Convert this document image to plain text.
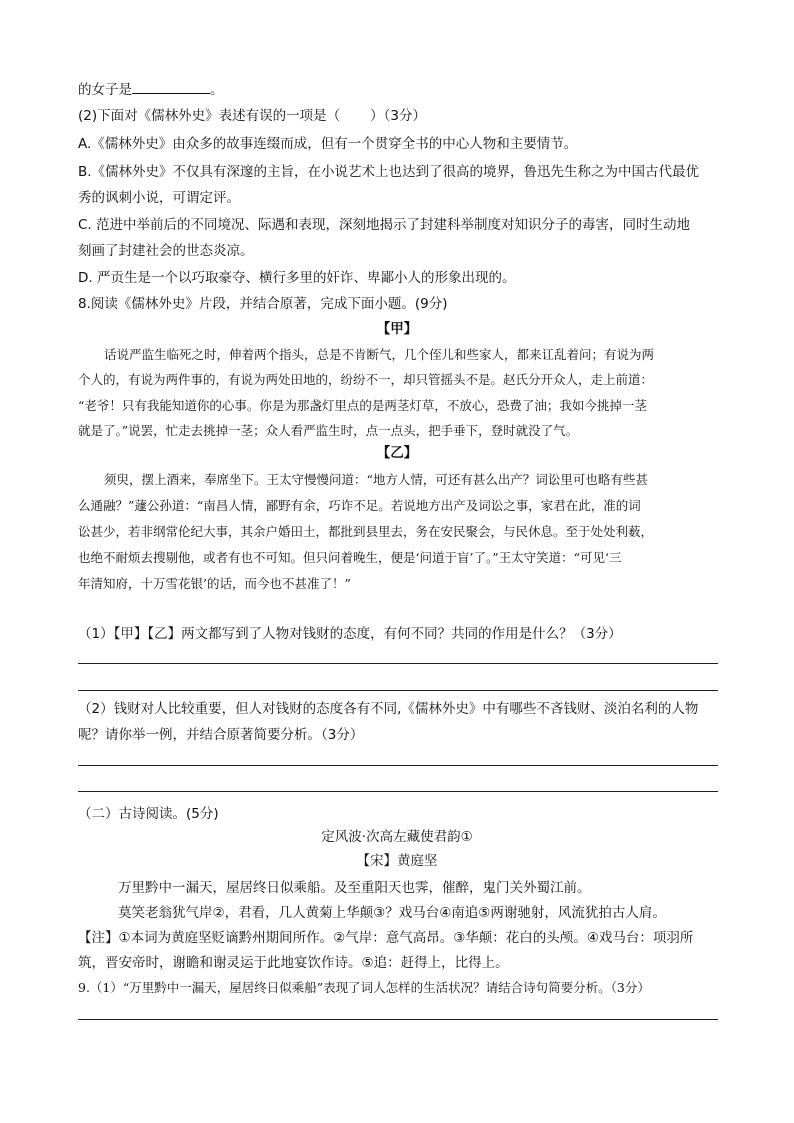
的女子是	。
(2)下面对《儒林外史》表述有误的一项是（ ）（3分）
A.《儒林外史》由众多的故事连缀而成，但有一个贯穿全书的中心人物和主要情节。
B.《儒林外史》不仅具有深邃的主旨，在小说艺术上也达到了很高的境界，鲁迅先生称之为中国古代最优
秀的讽刺小说，可谓定评。
C. 范进中举前后的不同境况、际遇和表现，深刻地揭示了封建科举制度对知识分子的毒害，同时生动地
刻画了封建社会的世态炎凉。
D. 严贡生是一个以巧取豪夺、横行多里的奸诈、卑鄙小人的形象出现的。
8.阅读《儒林外史》片段，并结合原著，完成下面小题。(9分)
【甲】
话说严监生临死之时，伸着两个指头，总是不肯断气，几个侄儿和些家人，都来讧乱着问；有说为两
个人的，有说为两件事的，有说为两处田地的，纷纷不一，却只管摇头不是。赵氏分开众人，走上前道：
“老爷！只有我能知道你的心事。你是为那盏灯里点的是两茎灯草，不放心，恐费了油；我如今挑掉一茎
就是了。”说罢，忙走去挑掉一茎；众人看严监生时，点一点头，把手垂下，登时就没了气。
【乙】
须臾，摆上酒来，奉席坐下。王太守慢慢问道：“地方人情，可还有甚么出产？词讼里可也略有些甚
么通融？”蘧公孙道：“南昌人情，鄙野有余，巧诈不足。若说地方出产及词讼之事，家君在此，准的词
讼甚少，若非纲常伦纪大事，其余户婚田土，都批到县里去，务在安民聚会，与民休息。至于处处利薮，
也绝不耐烦去搜剔他，或者有也不可知。但只问着晚生，便是‘问道于盲’了。”王太守笑道：“可见‘三
年清知府，十万雪花银’的话，而今也不甚准了！”
（1）【甲】【乙】两文都写到了人物对钱财的态度，有何不同？共同的作用是什么？（3分）
（2）钱财对人比较重要，但人对钱财的态度各有不同,《儒林外史》中有哪些不吝钱财、淡泊名利的人物
呢？请你举一例，并结合原著简要分析。（3分）
（二）古诗阅读。(5分)
定风波·次高左藏使君韵①
【宋】黄庭坚
万里黔中一漏天，屋居终日似乘船。及至重阳天也霁，催醉，鬼门关外蜀江前。
莫笑老翁犹气岸②，君看，几人黄菊上华颠③？戏马台④南追⑤两谢驰射，风流犹拍古人肩。
【注】①本词为黄庭坚贬谪黔州期间所作。②气岸：意气高昂。③华颠：花白的头颅。④戏马台：项羽所
筑，晋安帝时，谢瞻和谢灵运于此地宴饮作诗。⑤追：赶得上，比得上。
9.（1）“万里黔中一漏天，屋居终日似乘船”表现了词人怎样的生活状况？请结合诗句简要分析。（3分）
